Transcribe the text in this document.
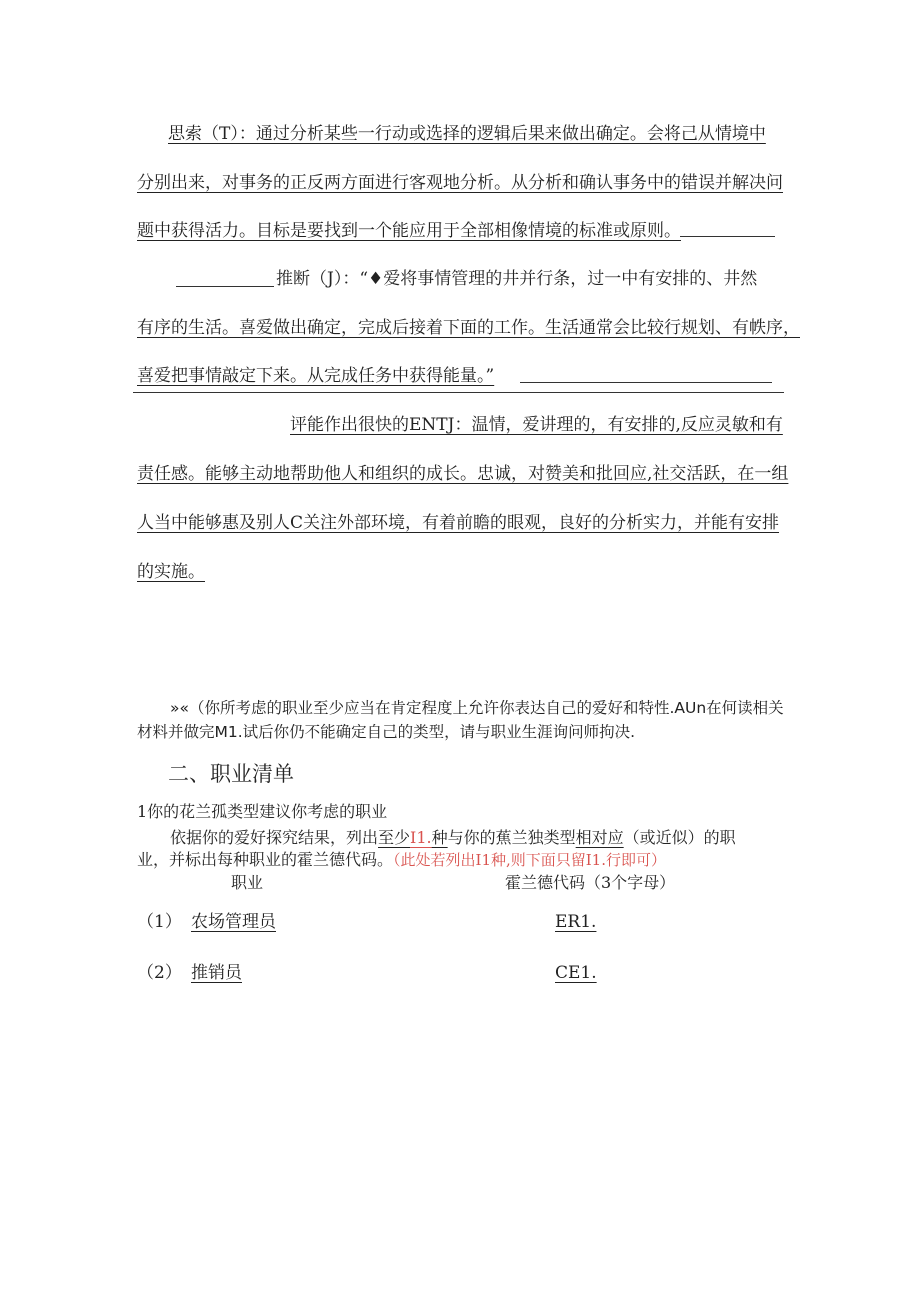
思索（T）：通过分析某些一行动或选择的逻辑后果来做出确定。会将己从情境中
分别出来，对事务的正反两方面进行客观地分析。从分析和确认事务中的错误并解决问
题中获得活力。目标是要找到一个能应用于全部相像情境的标准或原则。
推断（J）：“♦爱将事情管理的井并行条，过一中有安排的、井然
有序的生活。喜爱做出确定，完成后接着下面的工作。生活通常会比较行规划、有帙序，
喜爱把事情敲定下来。从完成任务中获得能量。”
评能作出很快的ENTJ：温情，爱讲理的，有安排的,反应灵敏和有
责任感。能够主动地帮助他人和组织的成长。忠诚，对赞美和批回应,社交活跃，在一组
人当中能够惠及别人C关注外部环境，有着前瞻的眼观，良好的分析实力，并能有安排
的实施。
»«（你所考虑的职业至少应当在肯定程度上允许你表达自己的爱好和特性.AUn在何读相关
材料并做完M1.试后你仍不能确定自己的类型，请与职业生涯询问师拘决.
二、职业清单
1你的花兰孤类型建议你考虑的职业
依据你的爱好探究结果，列出至少I1.种与你的蕉兰独类型相对应（或近似）的职
业，并标出每种职业的霍兰德代码。（此处若列出I1种,则下面只留I1.行即可）
职业	霍兰德代码（3个字母）
（1） 农场管理员	ER1.
（2） 推销员	CE1.
